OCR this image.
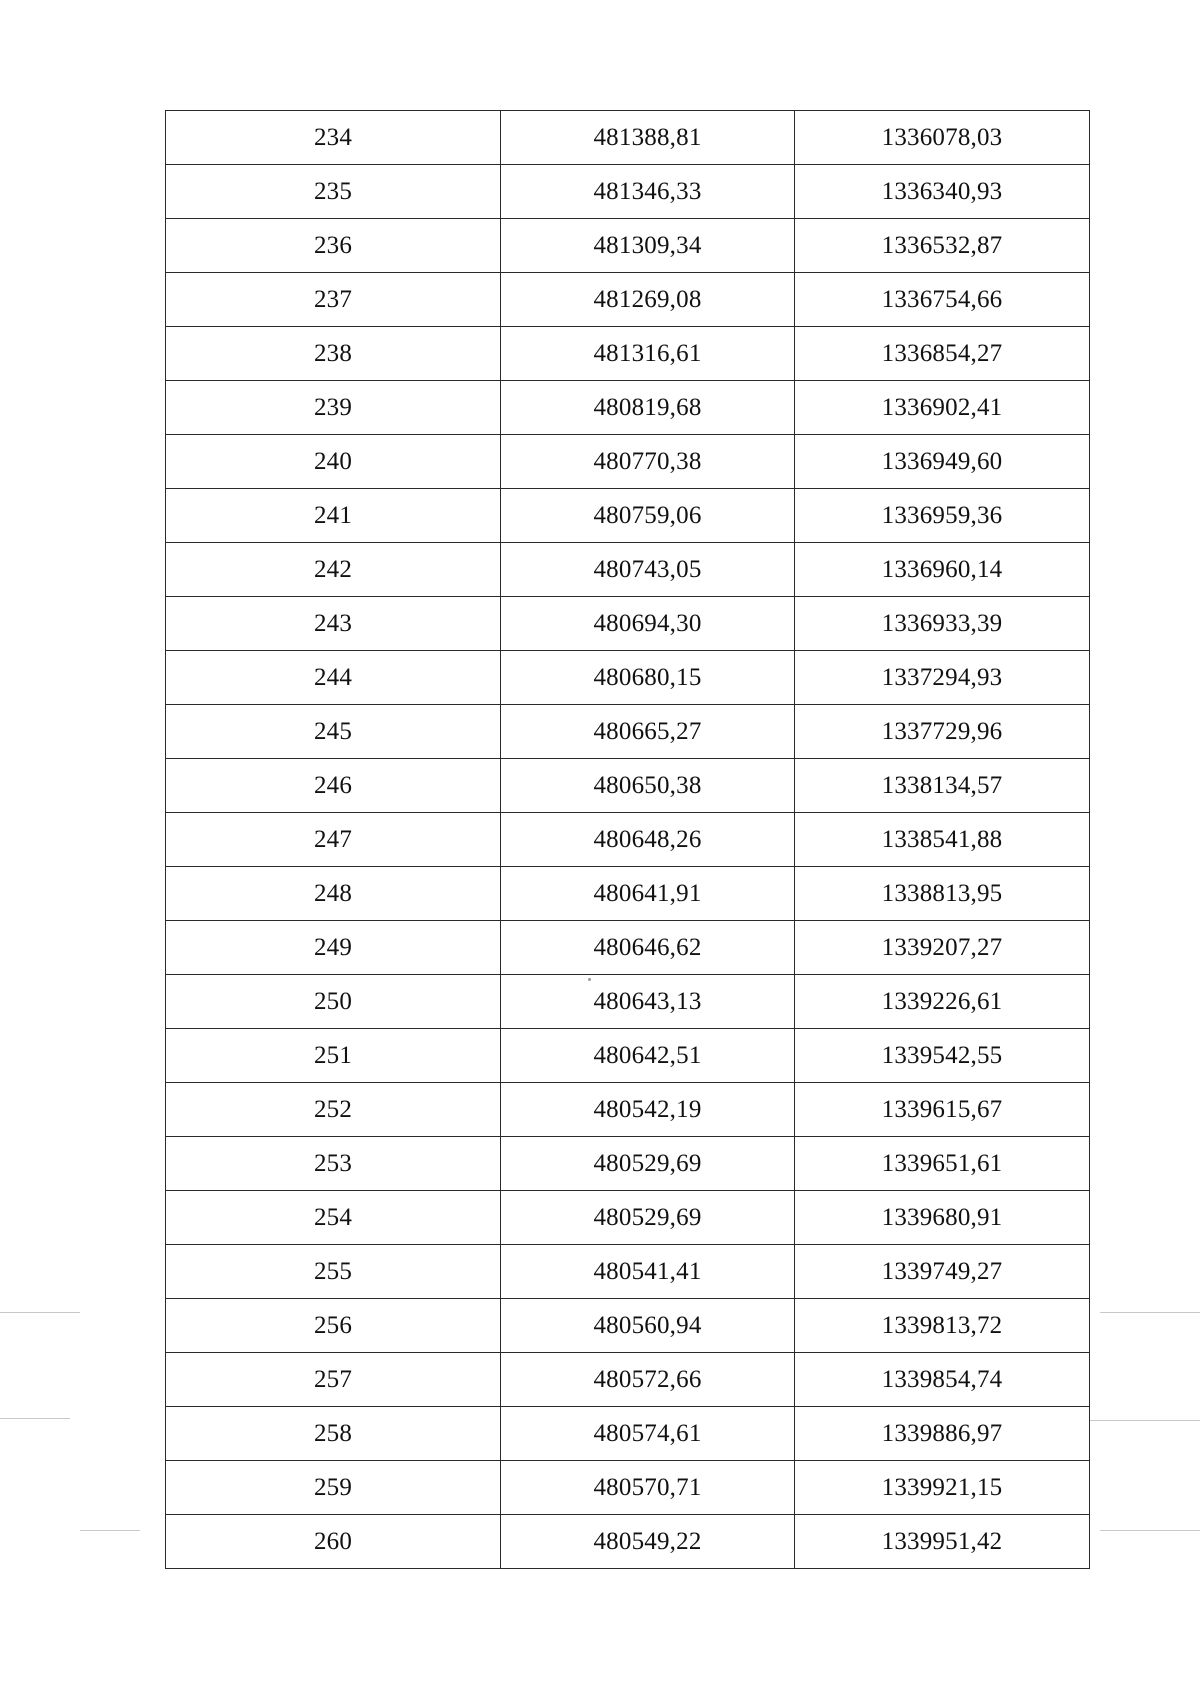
234	481388,81	1336078,03
235	481346,33	1336340,93
236	481309,34	1336532,87
237	481269,08	1336754,66
238	481316,61	1336854,27
239	480819,68	1336902,41
240	480770,38	1336949,60
241	480759,06	1336959,36
242	480743,05	1336960,14
243	480694,30	1336933,39
244	480680,15	1337294,93
245	480665,27	1337729,96
246	480650,38	1338134,57
247	480648,26	1338541,88
248	480641,91	1338813,95
249	480646,62	1339207,27
250	480643,13	1339226,61
251	480642,51	1339542,55
252	480542,19	1339615,67
253	480529,69	1339651,61
254	480529,69	1339680,91
255	480541,41	1339749,27
256	480560,94	1339813,72
257	480572,66	1339854,74
258	480574,61	1339886,97
259	480570,71	1339921,15
260	480549,22	1339951,42
